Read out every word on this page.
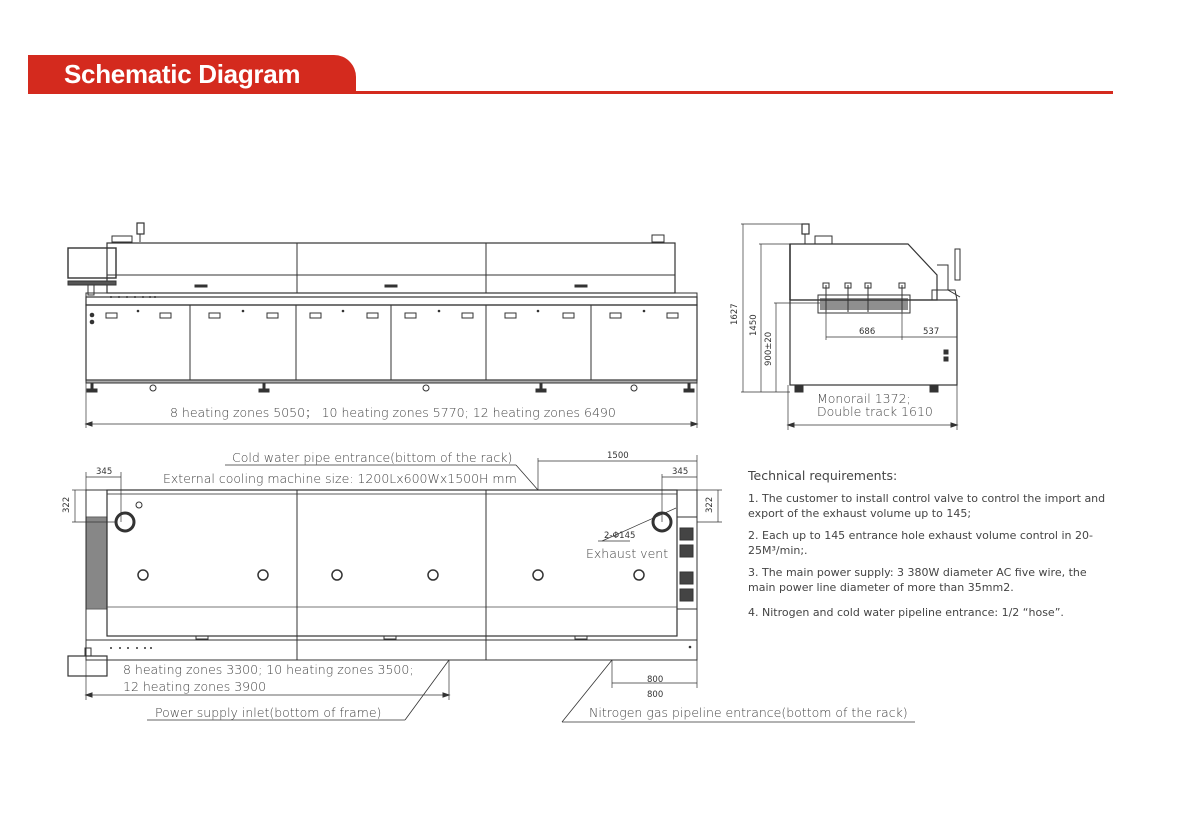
Schematic Diagram
8 heating zones 5050； 10 heating zones 5770; 12 heating zones 6490
1627
1450
900±20	686	537
Monorail 1372;
Double track 1610
Cold water pipe entrance(bittom of the rack)
External cooling machine size: 1200Lx600Wx1500H mm
345
322
1500
345
322
2-Φ145
Exhaust vent
8 heating zones 3300; 10 heating zones 3500;
12 heating zones 3900
Power supply inlet(bottom of frame)
800
800
Nitrogen gas pipeline entrance(bottom of the rack)
Technical requirements:
1. The customer to install control valve to control the import and export of the exhaust volume up to 145;
2. Each up to 145 entrance hole exhaust volume control in 20-25M³/min;.
3. The main power supply: 3 380W diameter AC five wire, the main power line diameter of more than 35mm2.
4. Nitrogen and cold water pipeline entrance: 1/2 “hose”.
